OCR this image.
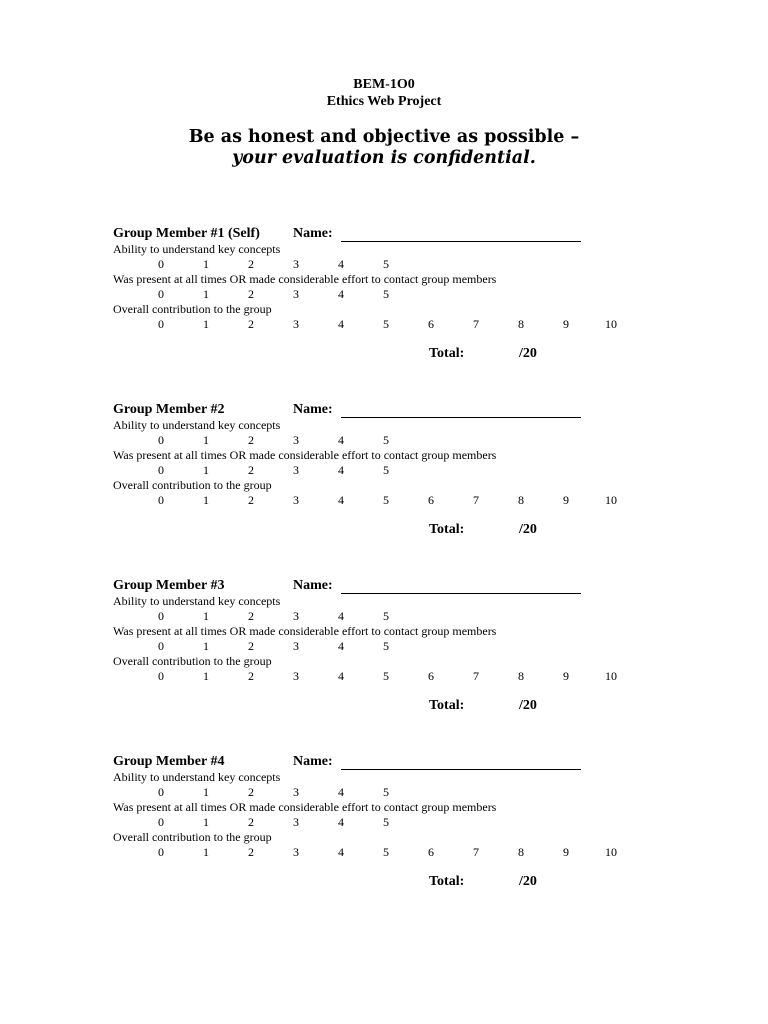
BEM-1O0
Ethics Web Project
Be as honest and objective as possible –
your evaluation is confidential.
Group Member #1 (Self) Name:
Ability to understand key concepts
0	1	2	3	4	5
Was present at all times OR made considerable effort to contact group members
0	1	2	3	4	5
Overall contribution to the group
0	1	2	3	4	5	6	7	8	9	10
Total:	/20
Group Member #2	Name:
Ability to understand key concepts
0	1	2	3	4	5
Was present at all times OR made considerable effort to contact group members
0	1	2	3	4	5
Overall contribution to the group
0	1	2	3	4	5	6	7	8	9	10
Total:	/20
Group Member #3	Name:
Ability to understand key concepts
0	1	2	3	4	5
Was present at all times OR made considerable effort to contact group members
0	1	2	3	4	5
Overall contribution to the group
0	1	2	3	4	5	6	7	8	9	10
Total:	/20
Group Member #4	Name:
Ability to understand key concepts
0	1	2	3	4	5
Was present at all times OR made considerable effort to contact group members
0	1	2	3	4	5
Overall contribution to the group
0	1	2	3	4	5	6	7	8	9	10
Total:	/20
